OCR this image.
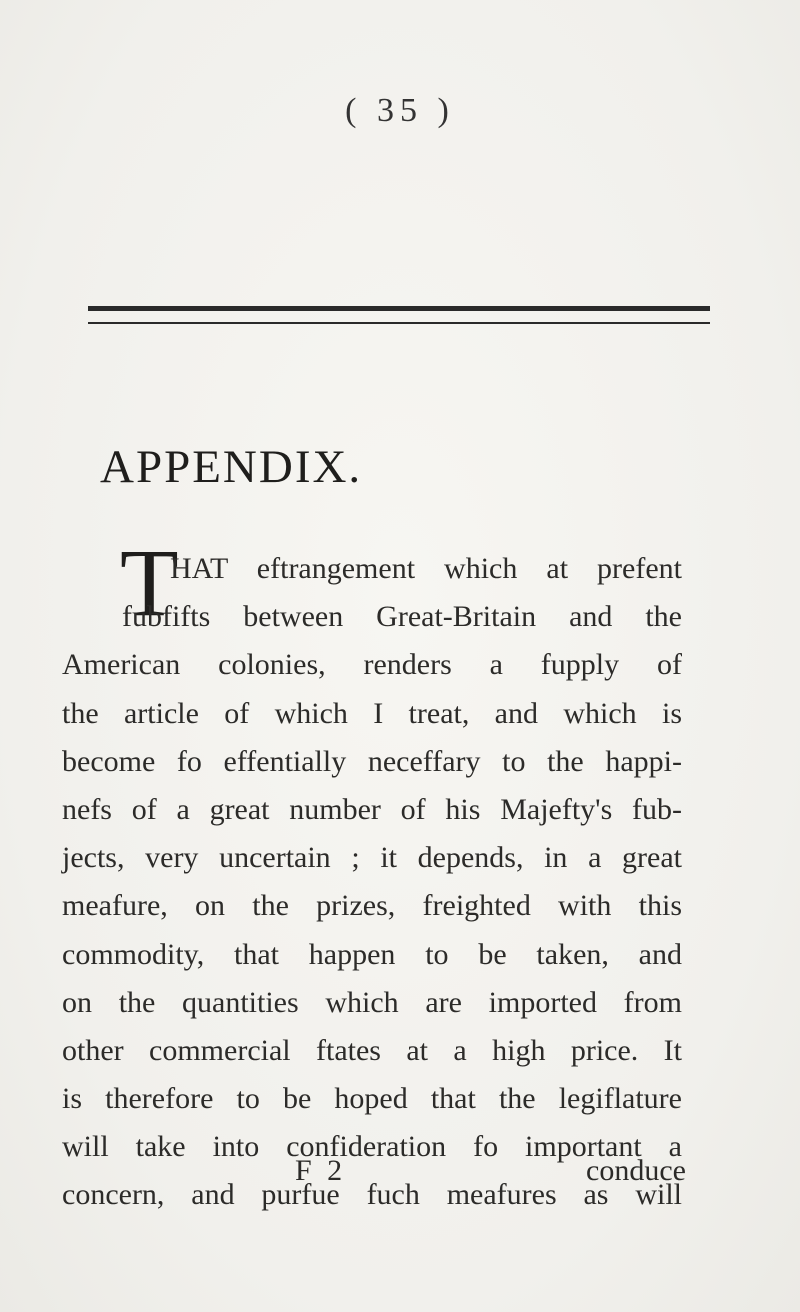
( 35 )
APPENDIX.
T
HAT eftrangement which at prefent
fubfifts between Great-Britain and the
American colonies, renders a fupply of
the article of which I treat, and which is
become fo effentially neceffary to the happi-
nefs of a great number of his Majefty's fub-
jects, very uncertain ; it depends, in a great
meafure, on the prizes, freighted with this
commodity, that happen to be taken, and
on the quantities which are imported from
other commercial ftates at a high price. It
is therefore to be hoped that the legiflature
will take into confideration fo important a
concern, and purfue fuch meafures as will
F 2	conduce
